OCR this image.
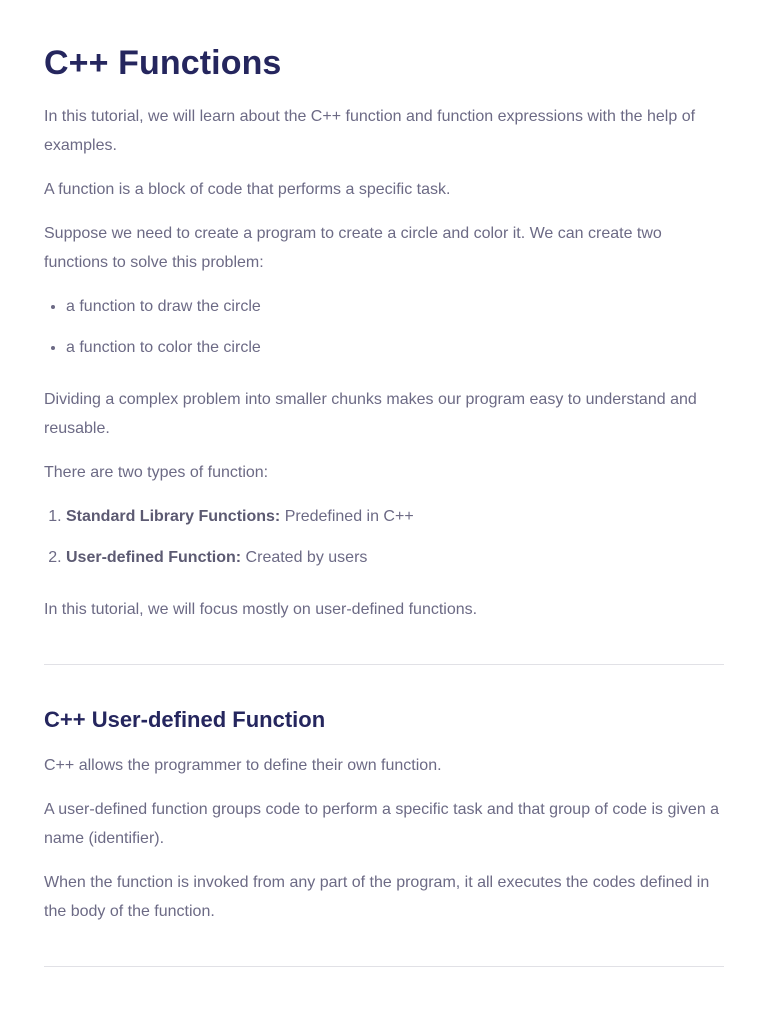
C++ Functions

In this tutorial, we will learn about the C++ function and function expressions with the help of examples.

A function is a block of code that performs a specific task.

Suppose we need to create a program to create a circle and color it. We can create two functions to solve this problem:

• a function to draw the circle
• a function to color the circle

Dividing a complex problem into smaller chunks makes our program easy to understand and reusable.

There are two types of function:

1. Standard Library Functions: Predefined in C++
2. User-defined Function: Created by users

In this tutorial, we will focus mostly on user-defined functions.

C++ User-defined Function

C++ allows the programmer to define their own function.

A user-defined function groups code to perform a specific task and that group of code is given a name (identifier).

When the function is invoked from any part of the program, it all executes the codes defined in the body of the function.
